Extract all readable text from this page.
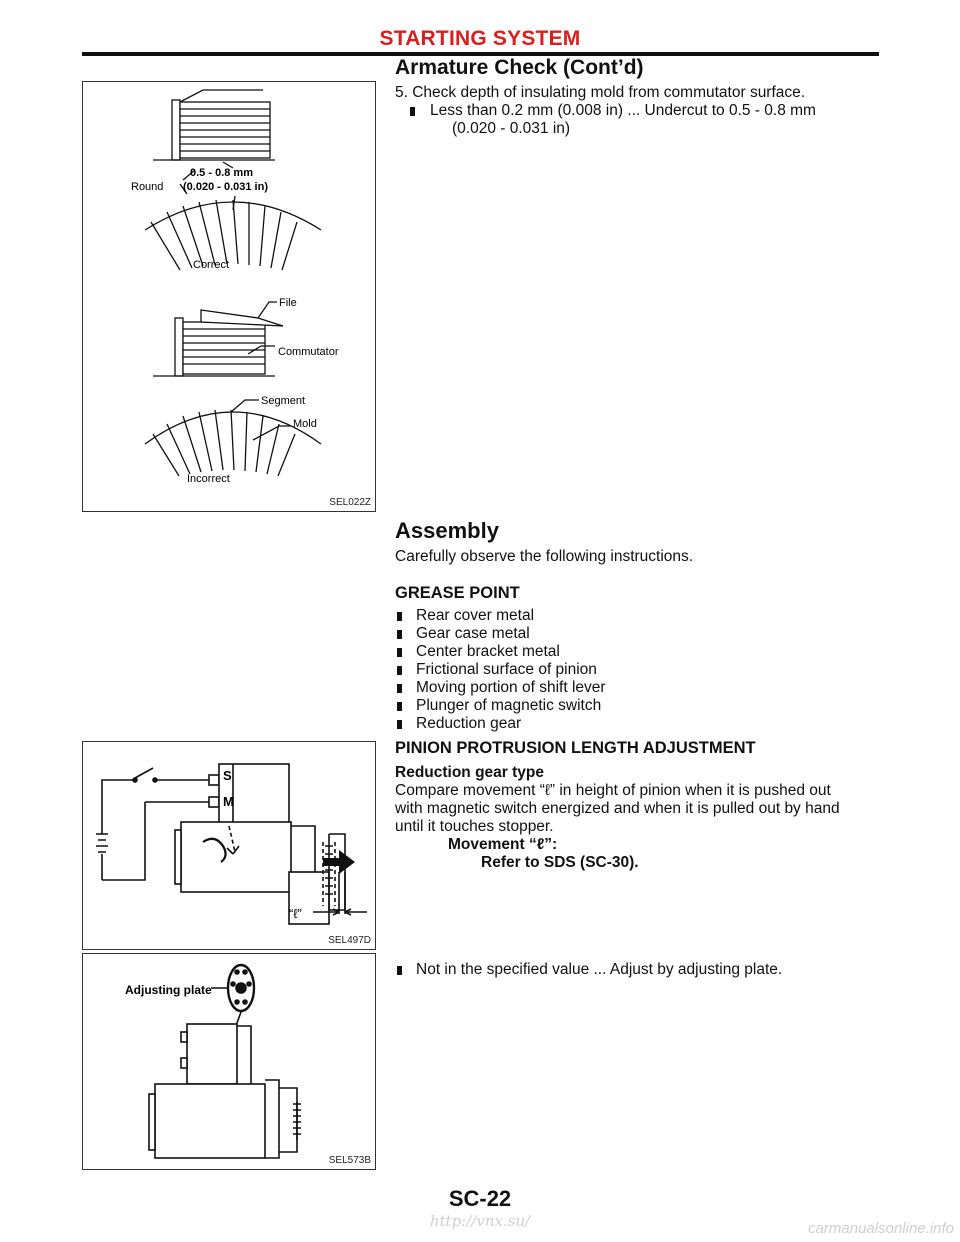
STARTING SYSTEM
Armature Check (Cont’d)
0.5 - 0.8 mm
(0.020 - 0.031 in)
Round
Correct
File
Commutator
Segment
Mold
Incorrect
SEL022Z
5. Check depth of insulating mold from commutator surface.
Less than 0.2 mm (0.008 in) ... Undercut to 0.5 - 0.8 mm
(0.020 - 0.031 in)
Assembly
Carefully observe the following instructions.
GREASE POINT
Rear cover metal
Gear case metal
Center bracket metal
Frictional surface of pinion
Moving portion of shift lever
Plunger of magnetic switch
Reduction gear
PINION PROTRUSION LENGTH ADJUSTMENT
Reduction gear type
Compare movement “ℓ” in height of pinion when it is pushed out
with magnetic switch energized and when it is pulled out by hand
until it touches stopper.
Movement “ℓ”:
Refer to SDS (SC-30).
S
M
“ℓ”
SEL497D
Not in the specified value ... Adjust by adjusting plate.
Adjusting plate
SEL573B
SC-22
http://vnx.su/	carmanualsonline.info
